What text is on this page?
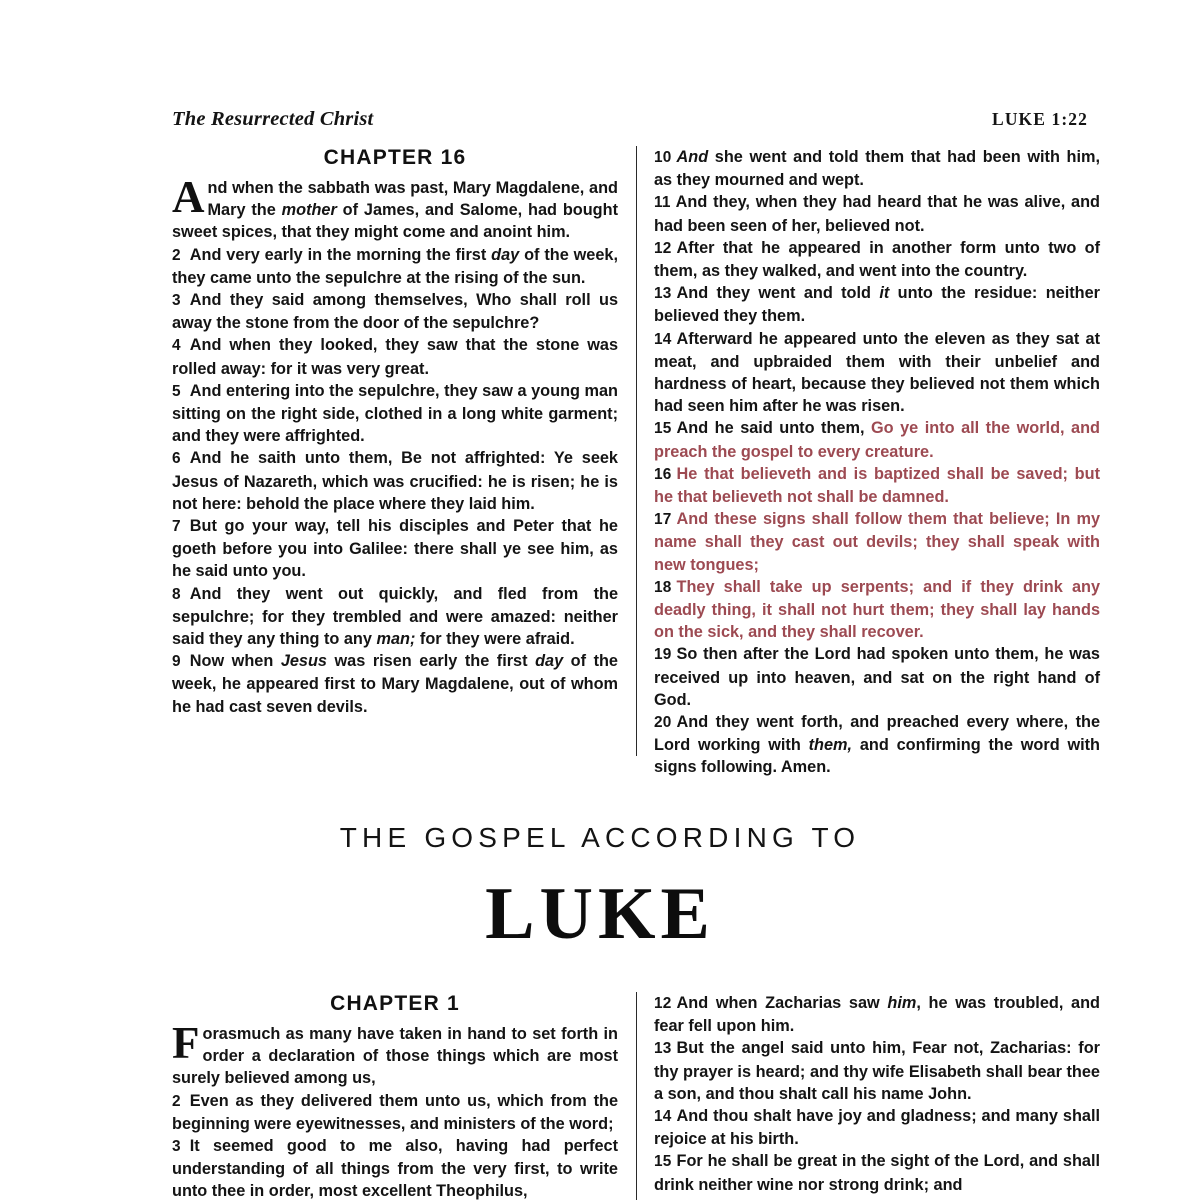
The Resurrected Christ	LUKE 1:22
CHAPTER 16

And when the sabbath was past, Mary Magdalene, and Mary the mother of James, and Salome, had bought sweet spices, that they might come and anoint him.

2 And very early in the morning the first day of the week, they came unto the sepulchre at the rising of the sun.

3 And they said among themselves, Who shall roll us away the stone from the door of the sepulchre?

4 And when they looked, they saw that the stone was rolled away: for it was very great.

5 And entering into the sepulchre, they saw a young man sitting on the right side, clothed in a long white garment; and they were affrighted.

6 And he saith unto them, Be not affrighted: Ye seek Jesus of Nazareth, which was crucified: he is risen; he is not here: behold the place where they laid him.

7 But go your way, tell his disciples and Peter that he goeth before you into Galilee: there shall ye see him, as he said unto you.

8 And they went out quickly, and fled from the sepulchre; for they trembled and were amazed: neither said they any thing to any man; for they were afraid.

9 Now when Jesus was risen early the first day of the week, he appeared first to Mary Magdalene, out of whom he had cast seven devils.

10 And she went and told them that had been with him, as they mourned and wept.

11 And they, when they had heard that he was alive, and had been seen of her, believed not.

12 After that he appeared in another form unto two of them, as they walked, and went into the country.

13 And they went and told it unto the residue: neither believed they them.

14 Afterward he appeared unto the eleven as they sat at meat, and upbraided them with their unbelief and hardness of heart, because they believed not them which had seen him after he was risen.

15 And he said unto them, Go ye into all the world, and preach the gospel to every creature.

16 He that believeth and is baptized shall be saved; but he that believeth not shall be damned.

17 And these signs shall follow them that believe; In my name shall they cast out devils; they shall speak with new tongues;

18 They shall take up serpents; and if they drink any deadly thing, it shall not hurt them; they shall lay hands on the sick, and they shall recover.

19 So then after the Lord had spoken unto them, he was received up into heaven, and sat on the right hand of God.

20 And they went forth, and preached every where, the Lord working with them, and confirming the word with signs following. Amen.

THE GOSPEL ACCORDING TO
LUKE
CHAPTER 1

Forasmuch as many have taken in hand to set forth in order a declaration of those things which are most surely believed among us,

2 Even as they delivered them unto us, which from the beginning were eyewitnesses, and ministers of the word;

3 It seemed good to me also, having had perfect understanding of all things from the very first, to write unto thee in order, most excellent Theophilus,

12 And when Zacharias saw him, he was troubled, and fear fell upon him.

13 But the angel said unto him, Fear not, Zacharias: for thy prayer is heard; and thy wife Elisabeth shall bear thee a son, and thou shalt call his name John.

14 And thou shalt have joy and gladness; and many shall rejoice at his birth.

15 For he shall be great in the sight of the Lord, and shall drink neither wine nor strong drink; and
